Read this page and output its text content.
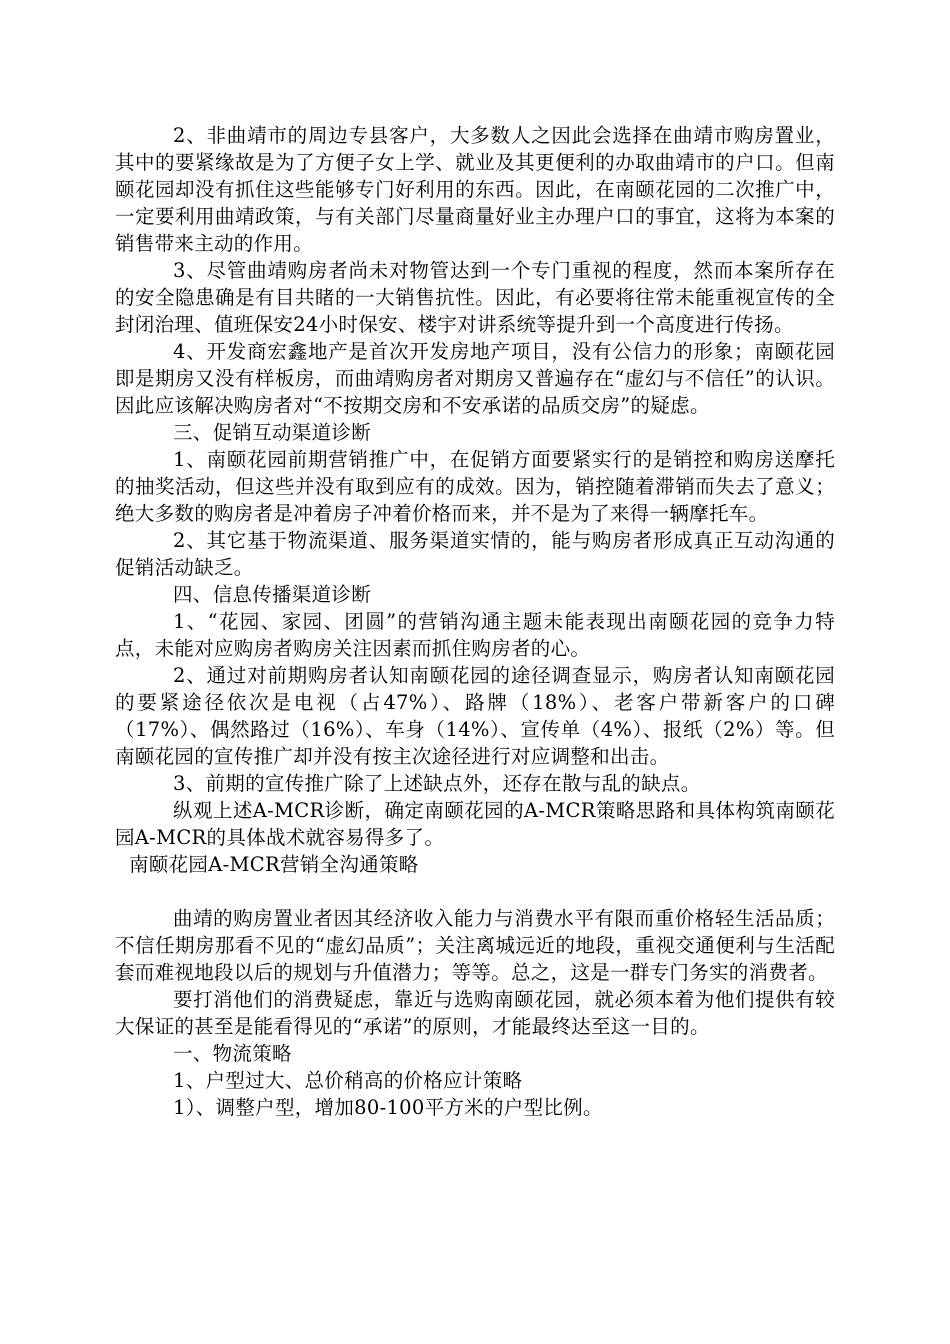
2、非曲靖市的周边专县客户，大多数人之因此会选择在曲靖市购房置业，其中的要紧缘故是为了方便子女上学、就业及其更便利的办取曲靖市的户口。但南颐花园却没有抓住这些能够专门好利用的东西。因此，在南颐花园的二次推广中，一定要利用曲靖政策，与有关部门尽量商量好业主办理户口的事宜，这将为本案的销售带来主动的作用。

3、尽管曲靖购房者尚未对物管达到一个专门重视的程度，然而本案所存在的安全隐患确是有目共睹的一大销售抗性。因此，有必要将往常未能重视宣传的全封闭治理、值班保安24小时保安、楼宇对讲系统等提升到一个高度进行传扬。

4、开发商宏鑫地产是首次开发房地产项目，没有公信力的形象；南颐花园即是期房又没有样板房，而曲靖购房者对期房又普遍存在“虚幻与不信任”的认识。因此应该解决购房者对“不按期交房和不安承诺的品质交房”的疑虑。

三、促销互动渠道诊断

1、南颐花园前期营销推广中，在促销方面要紧实行的是销控和购房送摩托的抽奖活动，但这些并没有取到应有的成效。因为，销控随着滞销而失去了意义；绝大多数的购房者是冲着房子冲着价格而来，并不是为了来得一辆摩托车。

2、其它基于物流渠道、服务渠道实情的，能与购房者形成真正互动沟通的促销活动缺乏。

四、信息传播渠道诊断

1、“花园、家园、团圆”的营销沟通主题未能表现出南颐花园的竞争力特点，未能对应购房者购房关注因素而抓住购房者的心。

2、通过对前期购房者认知南颐花园的途径调查显示，购房者认知南颐花园的要紧途径依次是电视（占47%）、路牌（18%）、老客户带新客户的口碑（17%）、偶然路过（16%）、车身（14%）、宣传单（4%）、报纸（2%）等。但南颐花园的宣传推广却并没有按主次途径进行对应调整和出击。

3、前期的宣传推广除了上述缺点外，还存在散与乱的缺点。

纵观上述A-MCR诊断，确定南颐花园的A-MCR策略思路和具体构筑南颐花园A-MCR的具体战术就容易得多了。

南颐花园A-MCR营销全沟通策略

曲靖的购房置业者因其经济收入能力与消费水平有限而重价格轻生活品质；不信任期房那看不见的“虚幻品质”；关注离城远近的地段，重视交通便利与生活配套而难视地段以后的规划与升值潜力；等等。总之，这是一群专门务实的消费者。

要打消他们的消费疑虑，靠近与选购南颐花园，就必须本着为他们提供有较大保证的甚至是能看得见的“承诺”的原则，才能最终达至这一目的。

一、物流策略

1、户型过大、总价稍高的价格应计策略

1）、调整户型，增加80-100平方米的户型比例。
